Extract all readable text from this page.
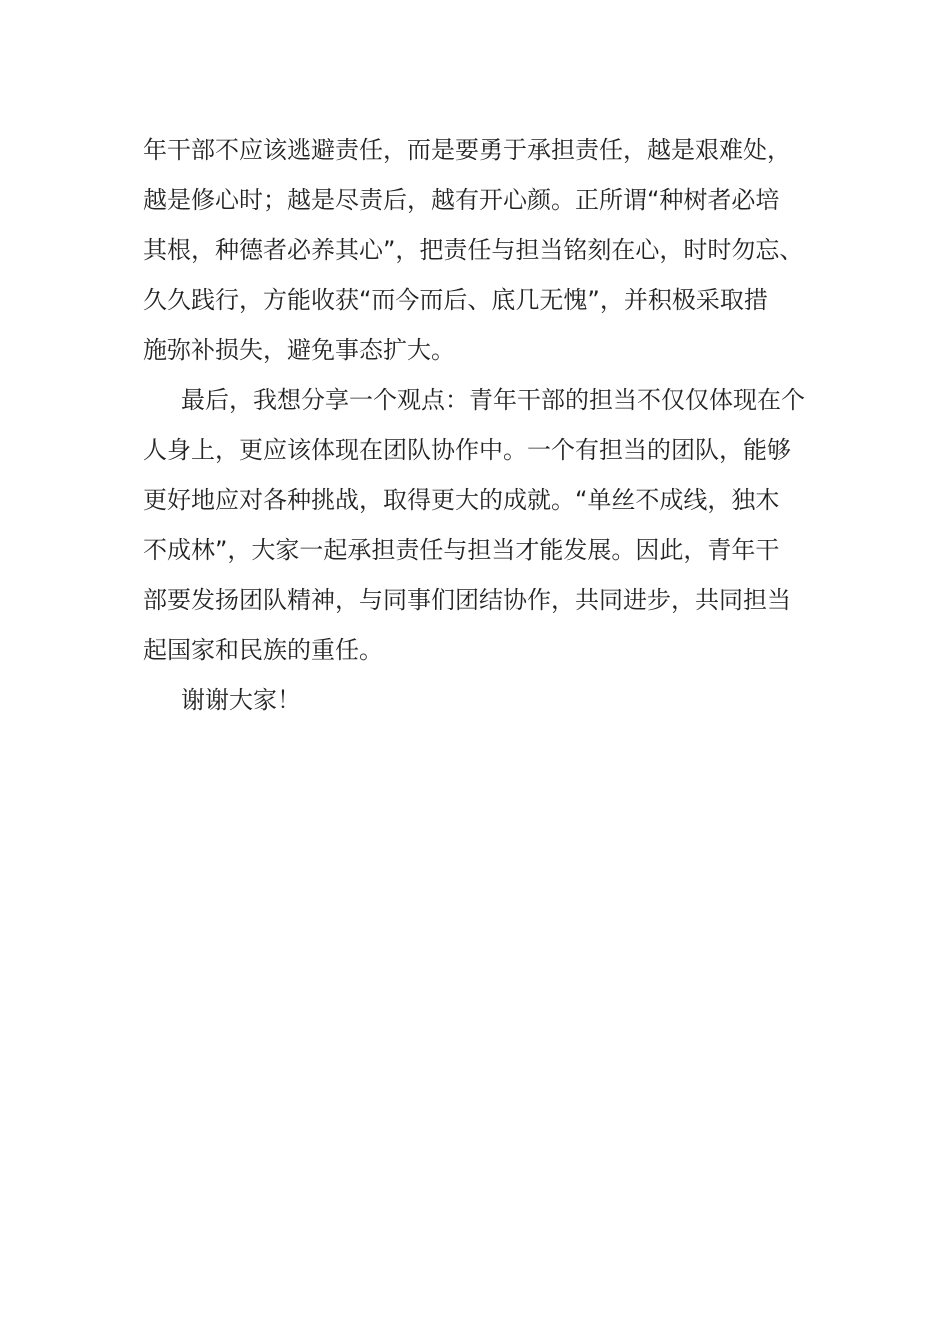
年干部不应该逃避责任，而是要勇于承担责任，越是艰难处，

越是修心时；越是尽责后，越有开心颜。正所谓“种树者必培

其根，种德者必养其心”，把责任与担当铭刻在心，时时勿忘、

久久践行，方能收获“而今而后、底几无愧”，并积极采取措

施弥补损失，避免事态扩大。

最后，我想分享一个观点：青年干部的担当不仅仅体现在个

人身上，更应该体现在团队协作中。一个有担当的团队，能够

更好地应对各种挑战，取得更大的成就。“单丝不成线，独木

不成林”，大家一起承担责任与担当才能发展。因此，青年干

部要发扬团队精神，与同事们团结协作，共同进步，共同担当

起国家和民族的重任。

谢谢大家！
